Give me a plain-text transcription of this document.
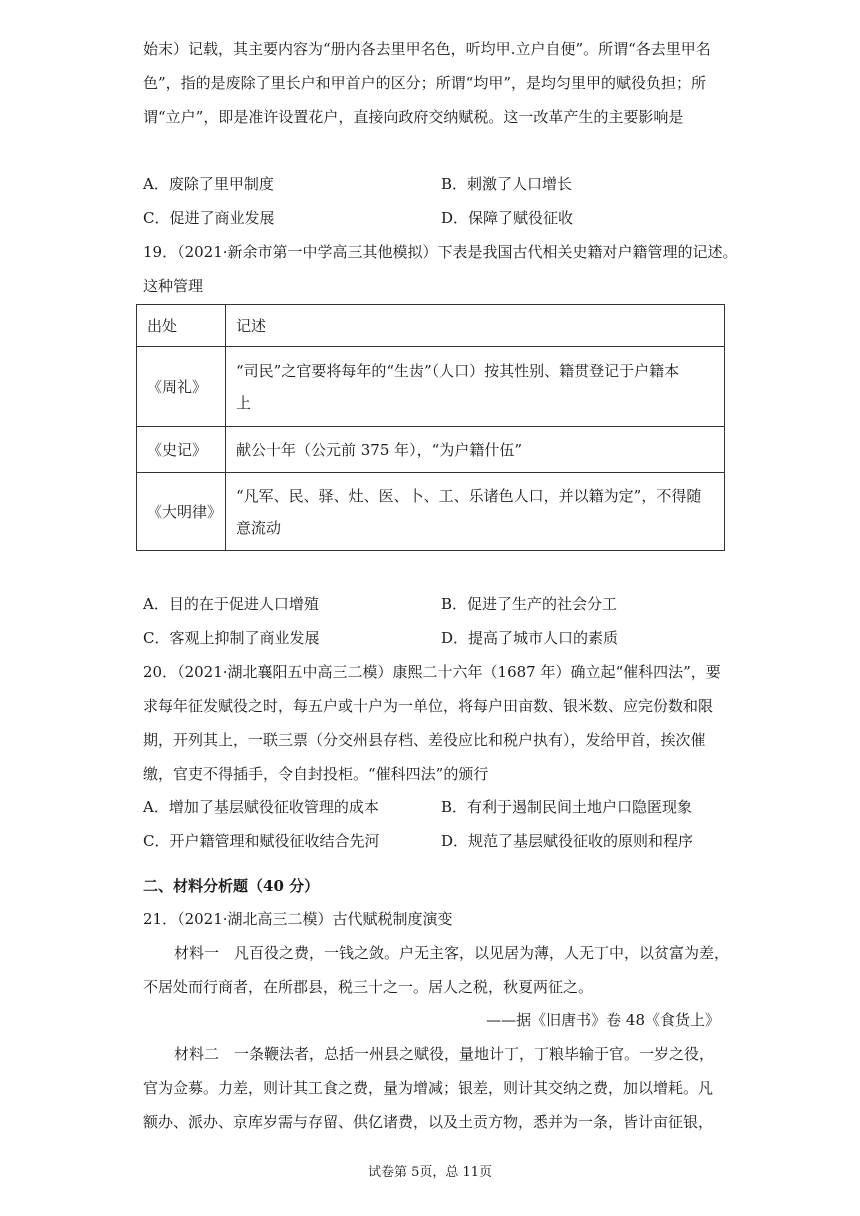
始末）记载，其主要内容为“册内各去里甲名色，听均甲.立户自便”。所谓“各去里甲名
色”，指的是废除了里长户和甲首户的区分；所谓“均甲”，是均匀里甲的赋役负担；所
谓“立户”，即是准许设置花户，直接向政府交纳赋税。这一改革产生的主要影响是
A．废除了里甲制度	B．刺激了人口增长
C．促进了商业发展	D．保障了赋役征收
19．（2021·新余市第一中学高三其他模拟）下表是我国古代相关史籍对户籍管理的记述。
这种管理
出处	记述
《周礼》	“司民”之官要将每年的“生齿”（人口）按其性别、籍贯登记于户籍本
上

《史记》	献公十年（公元前 375 年），“为户籍什伍”
《大明律》	“凡军、民、驿、灶、医、卜、工、乐诸色人口，并以籍为定”，不得随
意流动
A．目的在于促进人口增殖	B．促进了生产的社会分工
C．客观上抑制了商业发展	D．提高了城市人口的素质
20．（2021·湖北襄阳五中高三二模）康熙二十六年（1687 年）确立起“催科四法”，要
求每年征发赋役之时，每五户或十户为一单位，将每户田亩数、银米数、应完份数和限
期，开列其上，一联三票（分交州县存档、差役应比和税户执有），发给甲首，挨次催
缴，官吏不得插手，令自封投柜。“催科四法”的颁行
A．增加了基层赋役征收管理的成本	B．有利于遏制民间土地户口隐匿现象
C．开户籍管理和赋役征收结合先河	D．规范了基层赋役征收的原则和程序
二、材料分析题（40 分）
21．（2021·湖北高三二模）古代赋税制度演变
材料一　凡百役之费，一钱之敛。户无主客，以见居为薄，人无丁中，以贫富为差，
不居处而行商者，在所郡县，税三十之一。居人之税，秋夏两征之。
——据《旧唐书》卷 48《食货上》
材料二　一条鞭法者，总括一州县之赋役，量地计丁，丁粮毕输于官。一岁之役，
官为佥募。力差，则计其工食之费，量为增减；银差，则计其交纳之费，加以增耗。凡
额办、派办、京库岁需与存留、供亿诸费，以及土贡方物，悉并为一条，皆计亩征银，
试卷第 5页，总 11页
